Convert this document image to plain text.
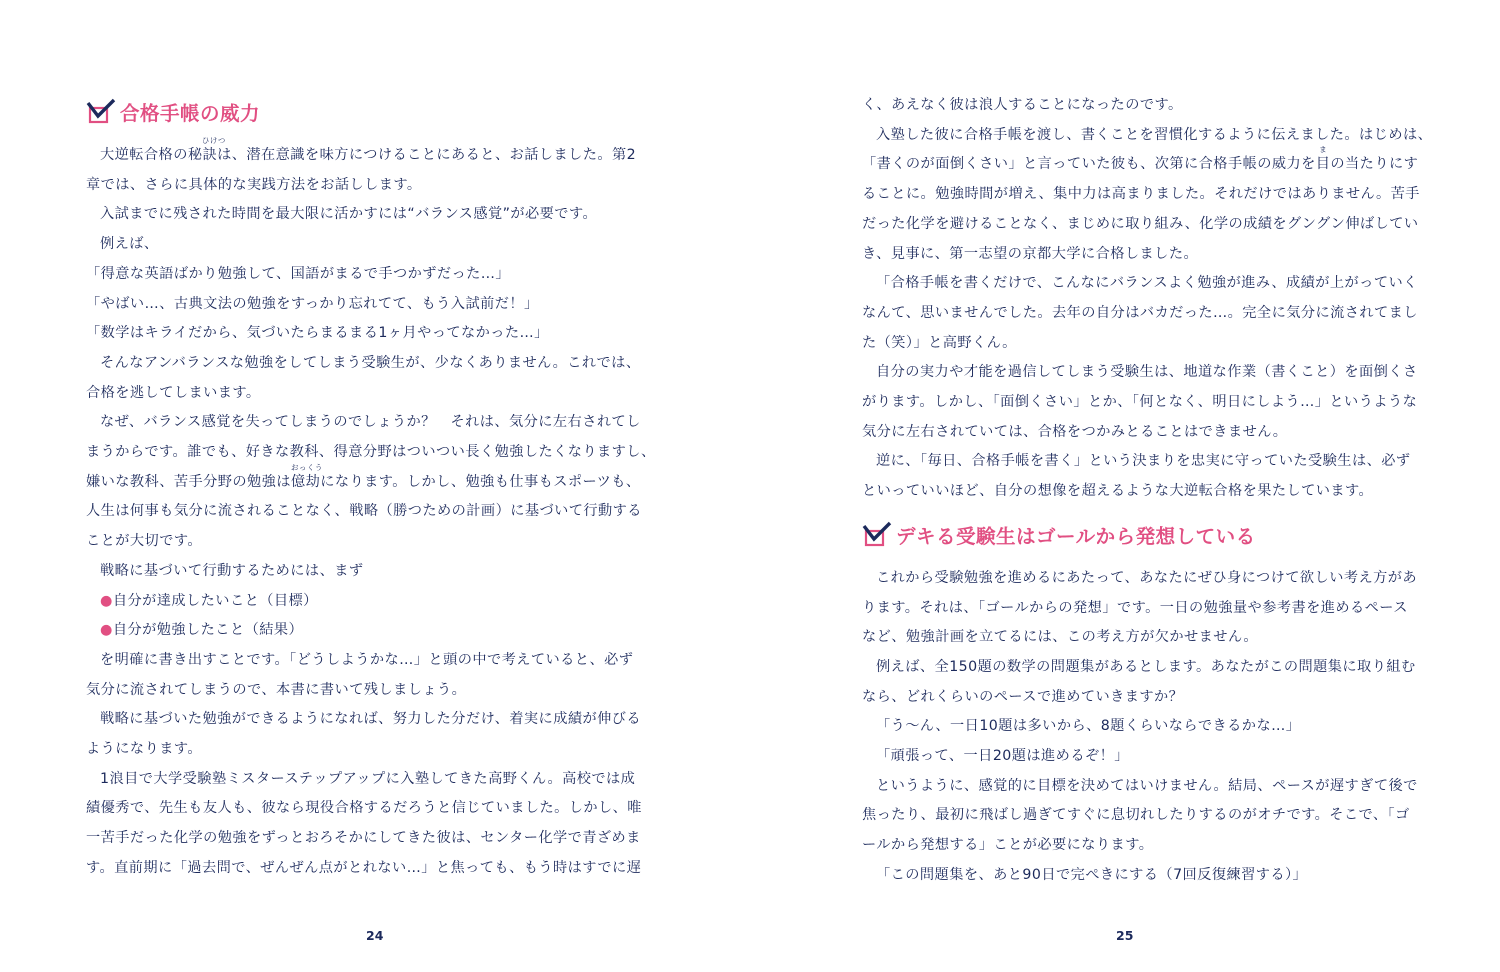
合格手帳の威力
大逆転合格の秘訣
ひけつ
は、潜在意識を味方につけることにあると、お話しました。第2
章では、さらに具体的な実践方法をお話しします。
入試までに残された時間を最大限に活かすには“バランス感覚”が必要です。
例えば、
「得意な英語ばかり勉強して、国語がまるで手つかずだった…」
「やばい…、古典文法の勉強をすっかり忘れてて、もう入試前だ！」
「数学はキライだから、気づいたらまるまる1ヶ月やってなかった…」
そんなアンバランスな勉強をしてしまう受験生が、少なくありません。これでは、
合格を逃してしまいます。
なぜ、バランス感覚を失ってしまうのでしょうか？　それは、気分に左右されてし
まうからです。誰でも、好きな教科、得意分野はついつい長く勉強したくなりますし、
嫌いな教科、苦手分野の勉強は億劫
おっくう
になります。しかし、勉強も仕事もスポーツも、
人生は何事も気分に流されることなく、戦略（勝つための計画）に基づいて行動する
ことが大切です。
戦略に基づいて行動するためには、まず
●自分が達成したいこと（目標）
●自分が勉強したこと（結果）
を明確に書き出すことです。「どうしようかな…」と頭の中で考えていると、必ず
気分に流されてしまうので、本書に書いて残しましょう。
戦略に基づいた勉強ができるようになれば、努力した分だけ、着実に成績が伸びる
ようになります。
1浪目で大学受験塾ミスターステップアップに入塾してきた高野くん。高校では成
績優秀で、先生も友人も、彼なら現役合格するだろうと信じていました。しかし、唯
一苦手だった化学の勉強をずっとおろそかにしてきた彼は、センター化学で青ざめま
す。直前期に「過去問で、ぜんぜん点がとれない…」と焦っても、もう時はすでに遅
24
く、あえなく彼は浪人することになったのです。
入塾した彼に合格手帳を渡し、書くことを習慣化するように伝えました。はじめは、
「書くのが面倒くさい」と言っていた彼も、次第に合格手帳の威力を目
ま
の当たりにす
ることに。勉強時間が増え、集中力は高まりました。それだけではありません。苦手
だった化学を避けることなく、まじめに取り組み、化学の成績をグングン伸ばしてい
き、見事に、第一志望の京都大学に合格しました。
「合格手帳を書くだけで、こんなにバランスよく勉強が進み、成績が上がっていく
なんて、思いませんでした。去年の自分はバカだった…。完全に気分に流されてまし
た（笑）」と高野くん。
自分の実力や才能を過信してしまう受験生は、地道な作業（書くこと）を面倒くさ
がります。しかし、「面倒くさい」とか、「何となく、明日にしよう…」というような
気分に左右されていては、合格をつかみとることはできません。
逆に、「毎日、合格手帳を書く」という決まりを忠実に守っていた受験生は、必ず
といっていいほど、自分の想像を超えるような大逆転合格を果たしています。
デキる受験生はゴールから発想している
これから受験勉強を進めるにあたって、あなたにぜひ身につけて欲しい考え方があ
ります。それは、「ゴールからの発想」です。一日の勉強量や参考書を進めるペース
など、勉強計画を立てるには、この考え方が欠かせません。
例えば、全150題の数学の問題集があるとします。あなたがこの問題集に取り組む
なら、どれくらいのペースで進めていきますか？
「う～ん、一日10題は多いから、8題くらいならできるかな…」
「頑張って、一日20題は進めるぞ！」
というように、感覚的に目標を決めてはいけません。結局、ペースが遅すぎて後で
焦ったり、最初に飛ばし過ぎてすぐに息切れしたりするのがオチです。そこで、「ゴ
ールから発想する」ことが必要になります。
「この問題集を、あと90日で完ぺきにする（7回反復練習する）」
25
